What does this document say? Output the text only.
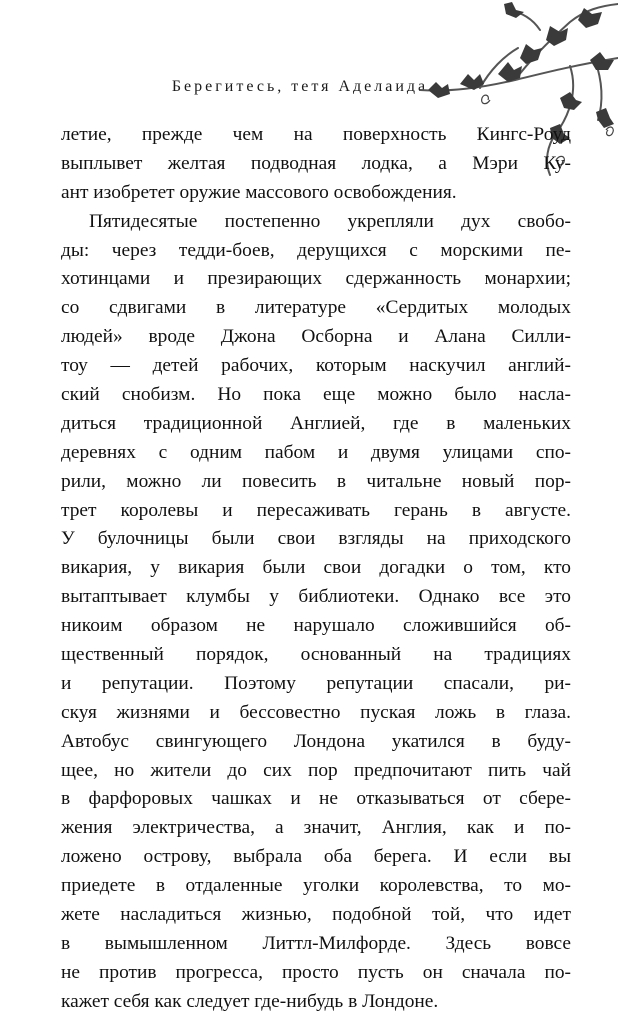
Берегитесь, тетя Аделаида
летие, прежде чем на поверхность Кингс-Роуд
выплывет желтая подводная лодка, а Мэри Ку-
ант изобретет оружие массового освобождения.
Пятидесятые постепенно укрепляли дух свобо-
ды: через тедди-боев, дерущихся с морскими пе-
хотинцами и презирающих сдержанность монархии;
со сдвигами в литературе «Сердитых молодых
людей» вроде Джона Осборна и Алана Силли-
тоу — детей рабочих, которым наскучил англий-
ский снобизм. Но пока еще можно было насла-
диться традиционной Англией, где в маленьких
деревнях с одним пабом и двумя улицами спо-
рили, можно ли повесить в читальне новый пор-
трет королевы и пересаживать герань в августе.
У булочницы были свои взгляды на приходского
викария, у викария были свои догадки о том, кто
вытаптывает клумбы у библиотеки. Однако все это
никоим образом не нарушало сложившийся об-
щественный порядок, основанный на традициях
и репутации. Поэтому репутации спасали, ри-
скуя жизнями и бессовестно пуская ложь в глаза.
Автобус свингующего Лондона укатился в буду-
щее, но жители до сих пор предпочитают пить чай
в фарфоровых чашках и не отказываться от сбере-
жения электричества, а значит, Англия, как и по-
ложено острову, выбрала оба берега. И если вы
приедете в отдаленные уголки королевства, то мо-
жете насладиться жизнью, подобной той, что идет
в вымышленном Литтл-Милфорде. Здесь вовсе
не против прогресса, просто пусть он сначала по-
кажет себя как следует где-нибудь в Лондоне.
